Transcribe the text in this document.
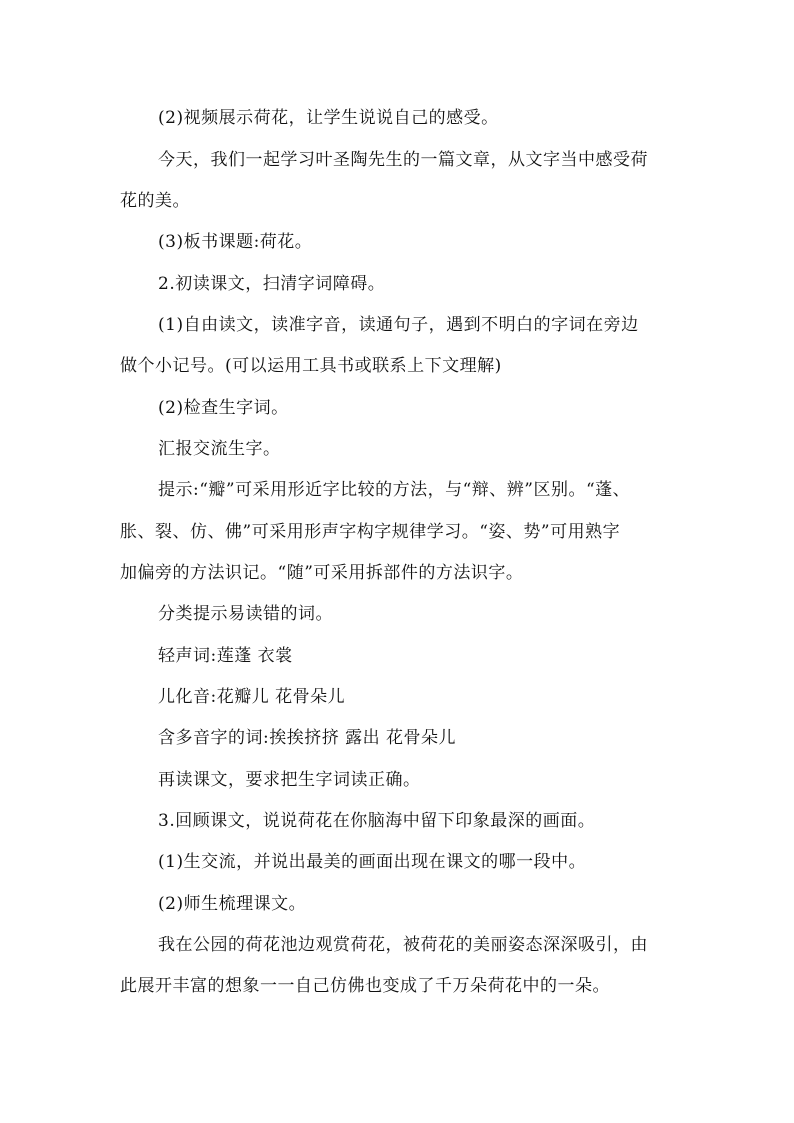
(2)视频展示荷花，让学生说说自己的感受。
今天，我们一起学习叶圣陶先生的一篇文章，从文字当中感受荷
花的美。
(3)板书课题:荷花。
2.初读课文，扫清字词障碍。
(1)自由读文，读准字音，读通句子，遇到不明白的字词在旁边
做个小记号。(可以运用工具书或联系上下文理解)
(2)检查生字词。
汇报交流生字。
提示:“瓣”可采用形近字比较的方法，与“辩、辨”区别。“蓬、
胀、裂、仿、佛”可采用形声字构字规律学习。“姿、势”可用熟字
加偏旁的方法识记。“随”可采用拆部件的方法识字。
分类提示易读错的词。
轻声词:莲蓬 衣裳
儿化音:花瓣儿 花骨朵儿
含多音字的词:挨挨挤挤 露出 花骨朵儿
再读课文，要求把生字词读正确。
3.回顾课文，说说荷花在你脑海中留下印象最深的画面。
(1)生交流，并说出最美的画面出现在课文的哪一段中。
(2)师生梳理课文。
我在公园的荷花池边观赏荷花，被荷花的美丽姿态深深吸引，由
此展开丰富的想象一一自己仿佛也变成了千万朵荷花中的一朵。
